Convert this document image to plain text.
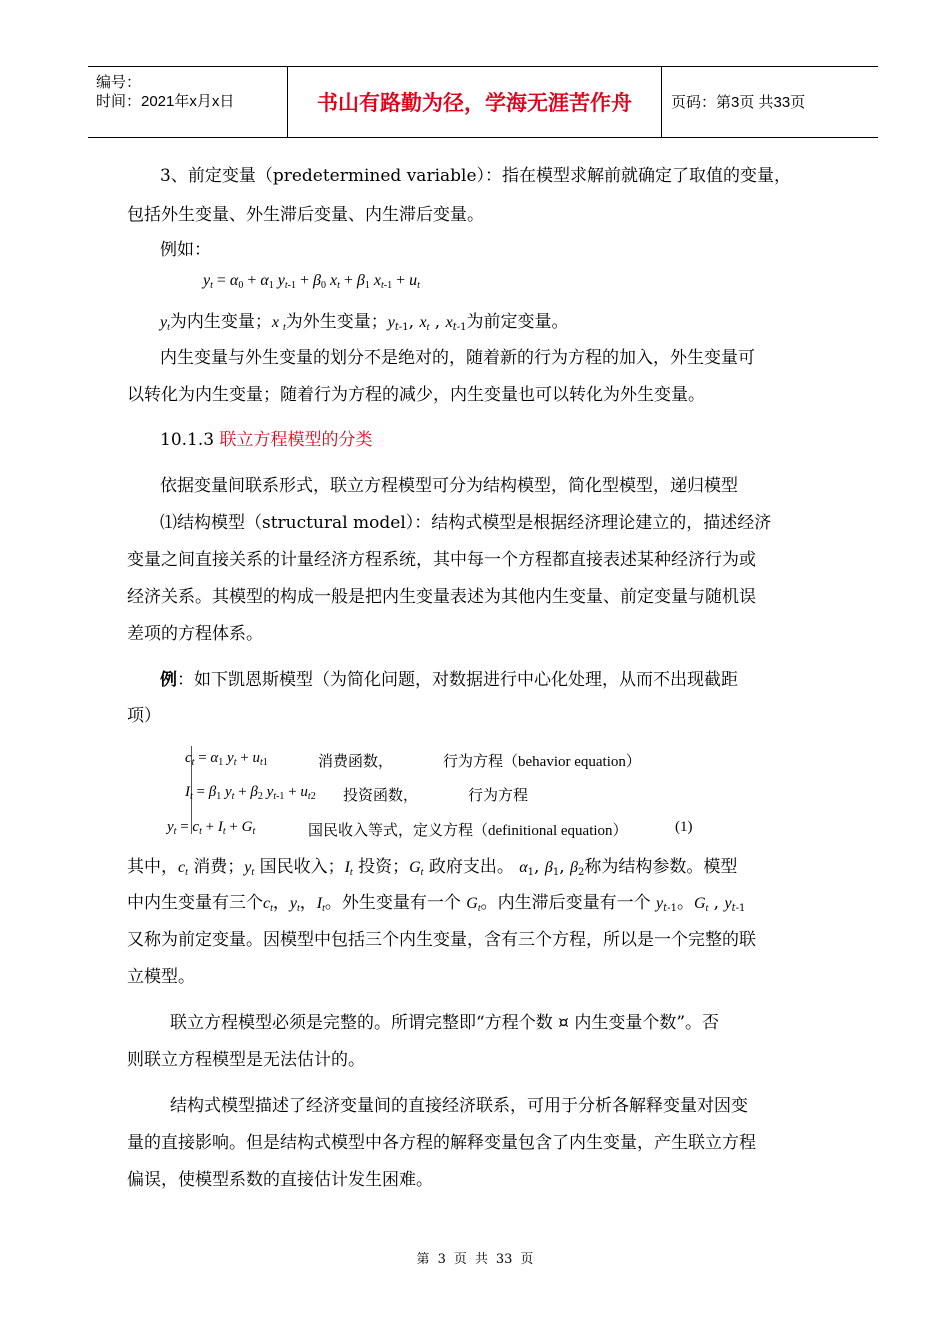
编号：
时间：2021年x月x日	书山有路勤为径，学海无涯苦作舟	页码：第3页 共33页
3、前定变量（predetermined variable）：指在模型求解前就确定了取值的变量，
包括外生变量、外生滞后变量、内生滞后变量。
例如：
$y_t = \alpha_0 + \alpha_1$ $y_{t-1} + \beta_0$ $x_t + \beta_1$ $x_{t-1} + u_t$
$y_t$为内生变量；x $_t$为外生变量；$y_{t-1}$, $x_t$ , $x_{t-1}$为前定变量。
内生变量与外生变量的划分不是绝对的，随着新的行为方程的加入，外生变量可
以转化为内生变量；随着行为方程的减少，内生变量也可以转化为外生变量。
10.1.3 联立方程模型的分类
依据变量间联系形式，联立方程模型可分为结构模型，简化型模型，递归模型
⑴结构模型（structural model）：结构式模型是根据经济理论建立的，描述经济
变量之间直接关系的计量经济方程系统，其中每一个方程都直接表述某种经济行为或
经济关系。其模型的构成一般是把内生变量表述为其他内生变量、前定变量与随机误
差项的方程体系。
例：如下凯恩斯模型（为简化问题，对数据进行中心化处理，从而不出现截距
项）
$c_t = \alpha_1$ $y_t + u_{t1}$	消费函数，	行为方程（behavior equation）
$I_t = \beta_1$ $y_t + \beta_2$ $y_{t-1} + u_{t2}$ 投资函数，	行为方程
$y_t = c_t + I_t + G_t$	国民收入等式，定义方程（definitional equation）	(1)
其中，$c_t$ 消费；$y_t$ 国民收入；$I_t$ 投资；$G_t$ 政府支出。 $\alpha_1$, $\beta_1$, $\beta_2$称为结构参数。模型
中内生变量有三个$c_t$，$y_t$，$I_t$。外生变量有一个 $G_t$。内生滞后变量有一个 $y_{t-1}$。$G_t$ , $y_{t-1}$
又称为前定变量。因模型中包括三个内生变量，含有三个方程，所以是一个完整的联
立模型。
联立方程模型必须是完整的。所谓完整即“方程个数 ¤ 内生变量个数”。否
则联立方程模型是无法估计的。
结构式模型描述了经济变量间的直接经济联系，可用于分析各解释变量对因变
量的直接影响。但是结构式模型中各方程的解释变量包含了内生变量，产生联立方程
偏误，使模型系数的直接估计发生困难。
第 3 页 共 33 页
